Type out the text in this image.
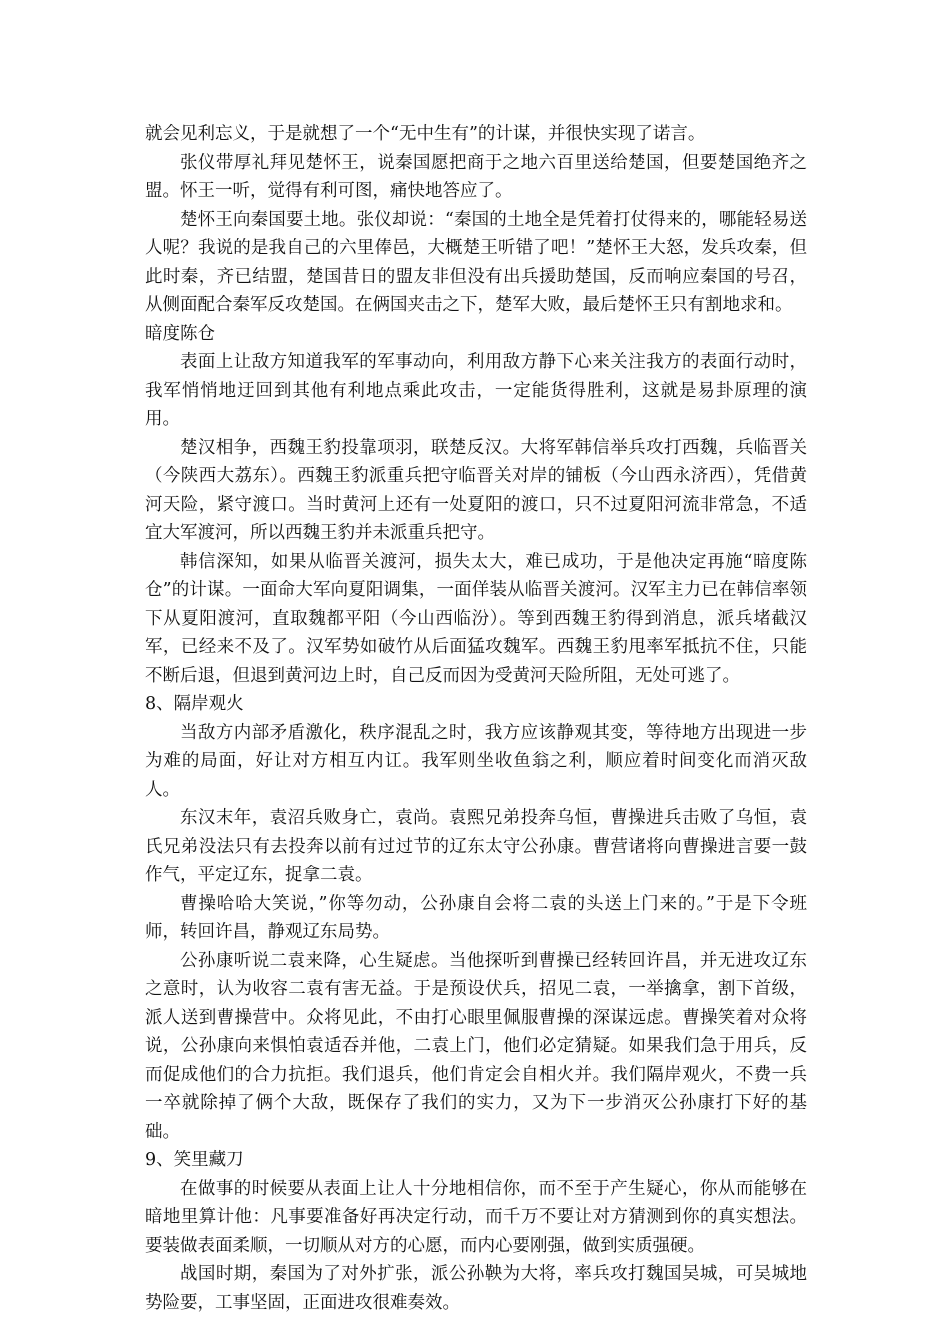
就会见利忘义，于是就想了一个“无中生有”的计谋，并很快实现了诺言。

张仪带厚礼拜见楚怀王，说秦国愿把商于之地六百里送给楚国，但要楚国绝齐之盟。怀王一听，觉得有利可图，痛快地答应了。

楚怀王向秦国要土地。张仪却说：“秦国的土地全是凭着打仗得来的，哪能轻易送人呢？我说的是我自己的六里俸邑，大概楚王听错了吧！”楚怀王大怒，发兵攻秦，但此时秦，齐已结盟，楚国昔日的盟友非但没有出兵援助楚国，反而响应秦国的号召，从侧面配合秦军反攻楚国。在俩国夹击之下，楚军大败，最后楚怀王只有割地求和。

暗度陈仓

表面上让敌方知道我军的军事动向，利用敌方静下心来关注我方的表面行动时，我军悄悄地迂回到其他有利地点乘此攻击，一定能货得胜利，这就是易卦原理的演用。

楚汉相争，西魏王豹投靠项羽，联楚反汉。大将军韩信举兵攻打西魏，兵临晋关（今陕西大荔东）。西魏王豹派重兵把守临晋关对岸的铺板（今山西永济西），凭借黄河天险，紧守渡口。当时黄河上还有一处夏阳的渡口，只不过夏阳河流非常急，不适宜大军渡河，所以西魏王豹并未派重兵把守。

韩信深知，如果从临晋关渡河，损失太大，难已成功，于是他决定再施“暗度陈仓”的计谋。一面命大军向夏阳调集，一面佯装从临晋关渡河。汉军主力已在韩信率领下从夏阳渡河，直取魏都平阳（今山西临汾）。等到西魏王豹得到消息，派兵堵截汉军，已经来不及了。汉军势如破竹从后面猛攻魏军。西魏王豹甩率军抵抗不住，只能不断后退，但退到黄河边上时，自己反而因为受黄河天险所阻，无处可逃了。

8、隔岸观火

当敌方内部矛盾激化，秩序混乱之时，我方应该静观其变，等待地方出现进一步为难的局面，好让对方相互内讧。我军则坐收鱼翁之利，顺应着时间变化而消灭敌人。

东汉末年，袁沼兵败身亡，袁尚。袁熙兄弟投奔乌恒，曹操进兵击败了乌恒，袁氏兄弟没法只有去投奔以前有过过节的辽东太守公孙康。曹营诸将向曹操进言要一鼓作气，平定辽东，捉拿二袁。

曹操哈哈大笑说，”你等勿动，公孙康自会将二袁的头送上门来的。”于是下令班师，转回许昌，静观辽东局势。

公孙康听说二袁来降，心生疑虑。当他探听到曹操已经转回许昌，并无进攻辽东之意时，认为收容二袁有害无益。于是预设伏兵，招见二袁，一举擒拿，割下首级，派人送到曹操营中。众将见此，不由打心眼里佩服曹操的深谋远虑。曹操笑着对众将说，公孙康向来惧怕袁适吞并他，二袁上门，他们必定猜疑。如果我们急于用兵，反而促成他们的合力抗拒。我们退兵，他们肯定会自相火并。我们隔岸观火，不费一兵一卒就除掉了俩个大敌，既保存了我们的实力，又为下一步消灭公孙康打下好的基础。

9、笑里藏刀

在做事的时候要从表面上让人十分地相信你，而不至于产生疑心，你从而能够在暗地里算计他：凡事要准备好再决定行动，而千万不要让对方猜测到你的真实想法。要装做表面柔顺，一切顺从对方的心愿，而内心要刚强，做到实质强硬。

战国时期，秦国为了对外扩张，派公孙鞅为大将，率兵攻打魏国吴城，可吴城地势险要，工事坚固，正面进攻很难奏效。
